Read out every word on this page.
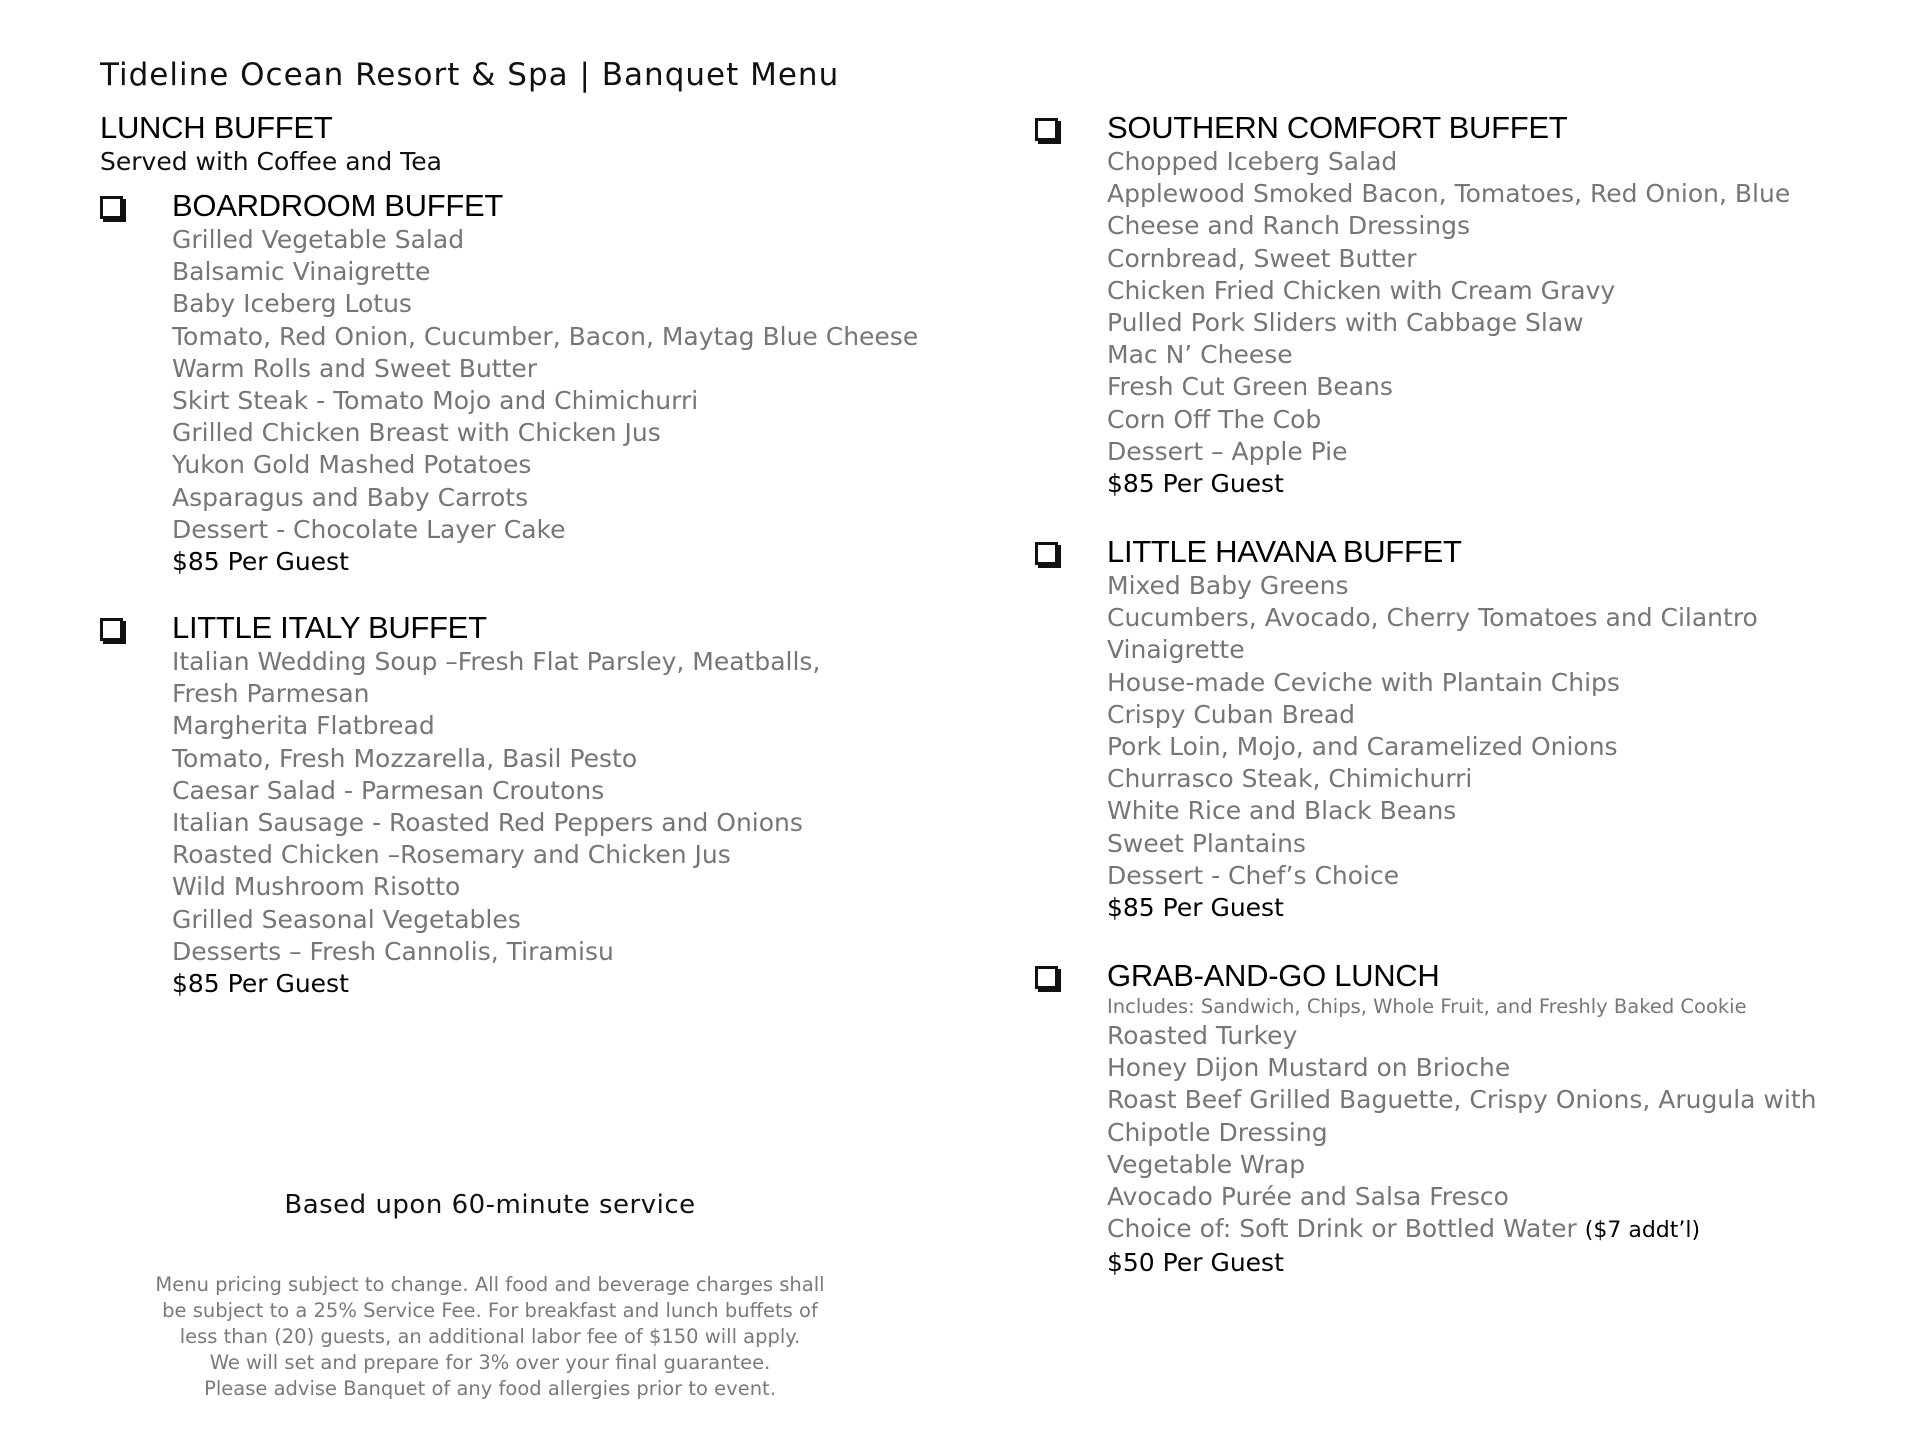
Tideline Ocean Resort & Spa | Banquet Menu
LUNCH BUFFET
Served with Coffee and Tea
BOARDROOM BUFFET
Grilled Vegetable Salad
Balsamic Vinaigrette
Baby Iceberg Lotus
Tomato, Red Onion, Cucumber, Bacon, Maytag Blue Cheese
Warm Rolls and Sweet Butter
Skirt Steak - Tomato Mojo and Chimichurri
Grilled Chicken Breast with Chicken Jus
Yukon Gold Mashed Potatoes
Asparagus and Baby Carrots
Dessert - Chocolate Layer Cake
$85 Per Guest
LITTLE ITALY BUFFET
Italian Wedding Soup –Fresh Flat Parsley, Meatballs,
Fresh Parmesan
Margherita Flatbread
Tomato, Fresh Mozzarella, Basil Pesto
Caesar Salad - Parmesan Croutons
Italian Sausage - Roasted Red Peppers and Onions
Roasted Chicken –Rosemary and Chicken Jus
Wild Mushroom Risotto
Grilled Seasonal Vegetables
Desserts – Fresh Cannolis, Tiramisu
$85 Per Guest
SOUTHERN COMFORT BUFFET
Chopped Iceberg Salad
Applewood Smoked Bacon, Tomatoes, Red Onion, Blue
Cheese and Ranch Dressings
Cornbread, Sweet Butter
Chicken Fried Chicken with Cream Gravy
Pulled Pork Sliders with Cabbage Slaw
Mac N’ Cheese
Fresh Cut Green Beans
Corn Off The Cob
Dessert – Apple Pie
$85 Per Guest
LITTLE HAVANA BUFFET
Mixed Baby Greens
Cucumbers, Avocado, Cherry Tomatoes and Cilantro
Vinaigrette
House-made Ceviche with Plantain Chips
Crispy Cuban Bread
Pork Loin, Mojo, and Caramelized Onions
Churrasco Steak, Chimichurri
White Rice and Black Beans
Sweet Plantains
Dessert - Chef’s Choice
$85 Per Guest
GRAB-AND-GO LUNCH
Includes: Sandwich, Chips, Whole Fruit, and Freshly Baked Cookie
Roasted Turkey
Honey Dijon Mustard on Brioche
Roast Beef Grilled Baguette, Crispy Onions, Arugula with
Chipotle Dressing
Vegetable Wrap
Avocado Purée and Salsa Fresco
Choice of: Soft Drink or Bottled Water ($7 addt’l)
$50 Per Guest
Based upon 60-minute service
Menu pricing subject to change. All food and beverage charges shall
be subject to a 25% Service Fee. For breakfast and lunch buffets of
less than (20) guests, an additional labor fee of $150 will apply.
We will set and prepare for 3% over your final guarantee.
Please advise Banquet of any food allergies prior to event.
